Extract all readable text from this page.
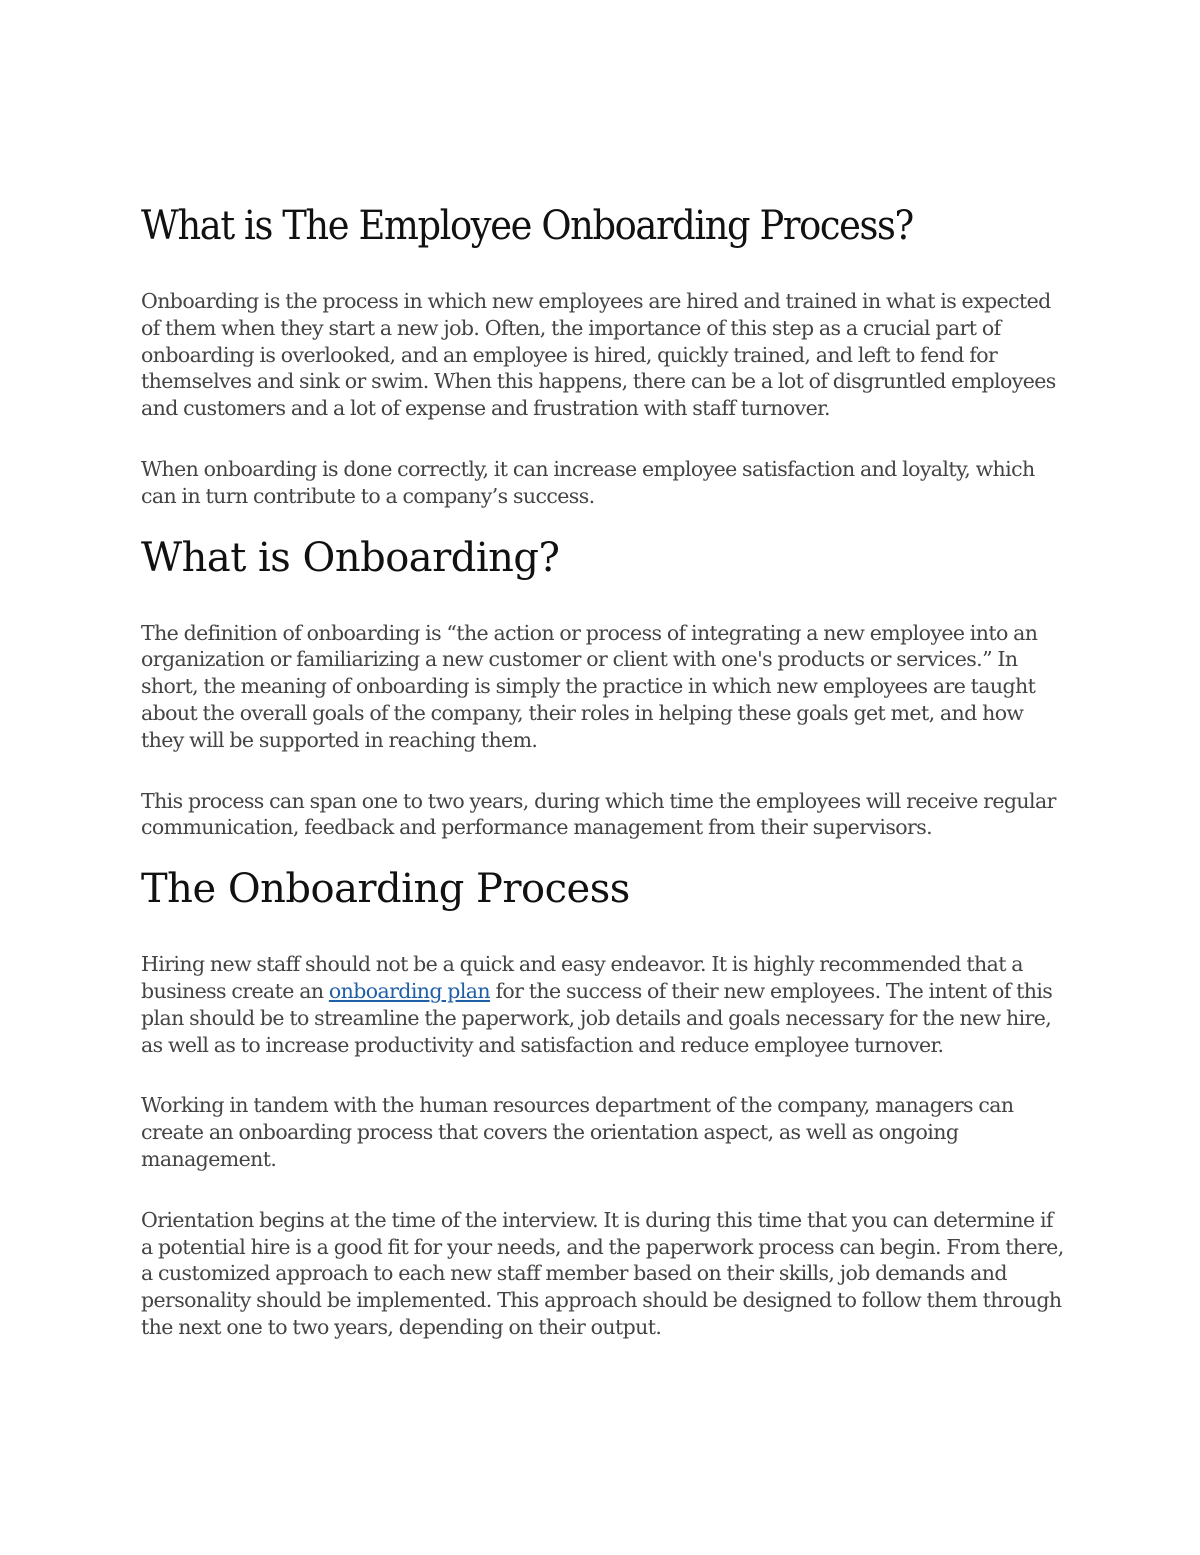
What is The Employee Onboarding Process?

Onboarding is the process in which new employees are hired and trained in what is expected of them when they start a new job. Often, the importance of this step as a crucial part of onboarding is overlooked, and an employee is hired, quickly trained, and left to fend for themselves and sink or swim. When this happens, there can be a lot of disgruntled employees and customers and a lot of expense and frustration with staff turnover.

When onboarding is done correctly, it can increase employee satisfaction and loyalty, which can in turn contribute to a company’s success.

What is Onboarding?

The definition of onboarding is “the action or process of integrating a new employee into an organization or familiarizing a new customer or client with one's products or services.” In short, the meaning of onboarding is simply the practice in which new employees are taught about the overall goals of the company, their roles in helping these goals get met, and how they will be supported in reaching them.

This process can span one to two years, during which time the employees will receive regular communication, feedback and performance management from their supervisors.

The Onboarding Process

Hiring new staff should not be a quick and easy endeavor. It is highly recommended that a business create an onboarding plan for the success of their new employees. The intent of this plan should be to streamline the paperwork, job details and goals necessary for the new hire, as well as to increase productivity and satisfaction and reduce employee turnover.

Working in tandem with the human resources department of the company, managers can create an onboarding process that covers the orientation aspect, as well as ongoing management.

Orientation begins at the time of the interview. It is during this time that you can determine if a potential hire is a good fit for your needs, and the paperwork process can begin. From there, a customized approach to each new staff member based on their skills, job demands and personality should be implemented. This approach should be designed to follow them through the next one to two years, depending on their output.
